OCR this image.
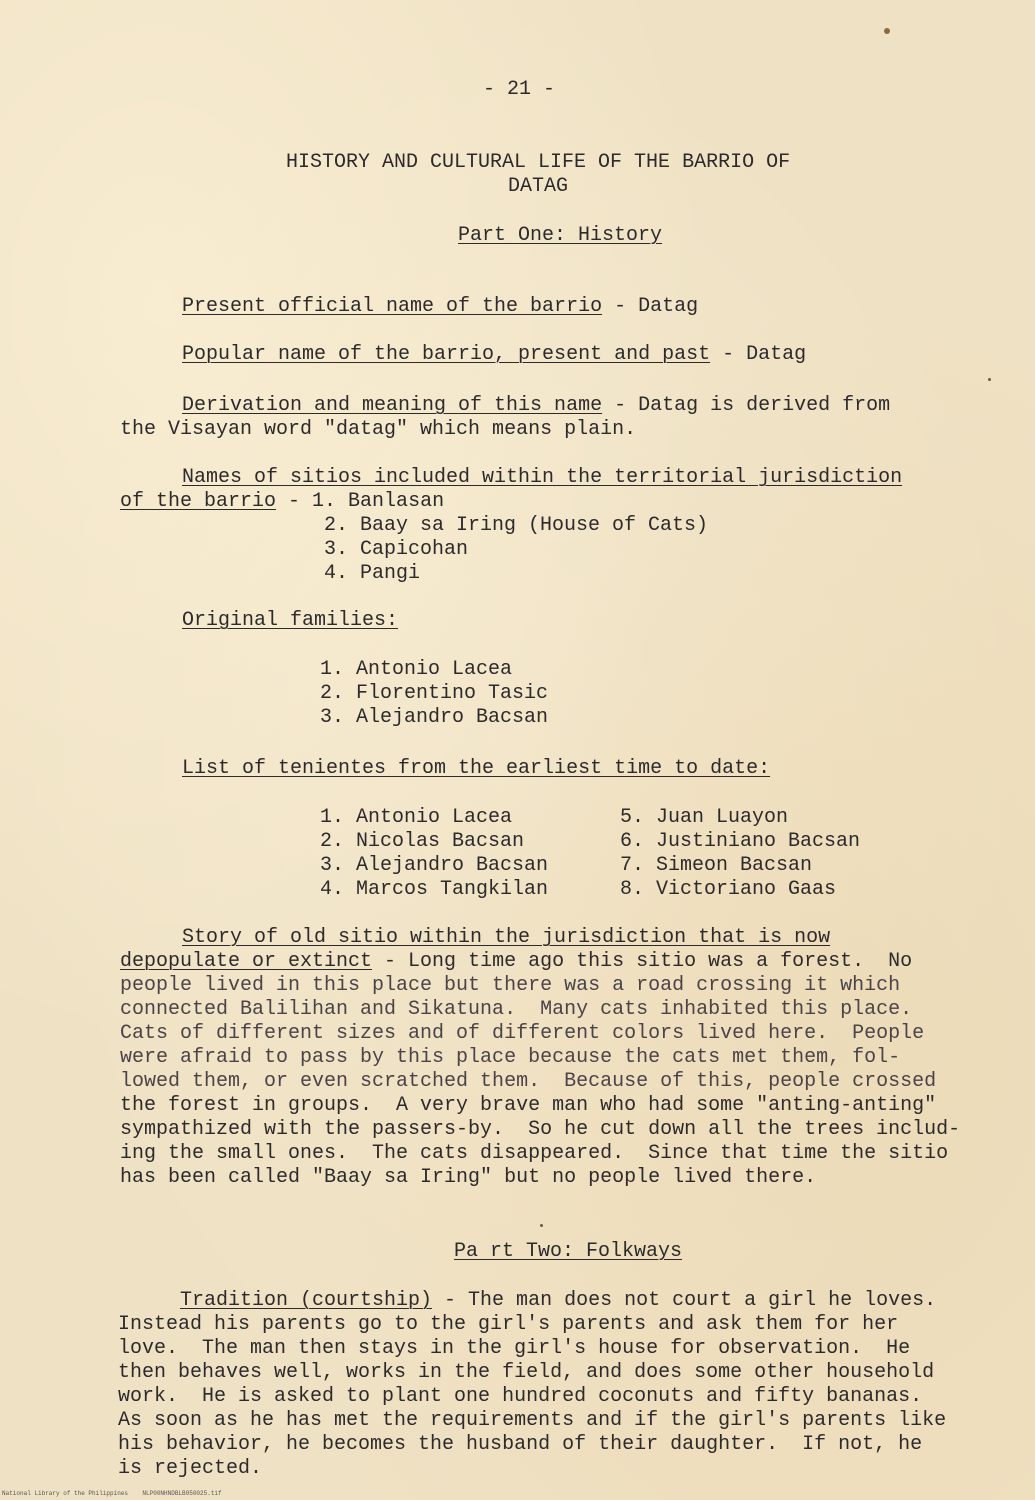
- 21 -

HISTORY AND CULTURAL LIFE OF THE BARRIO OF

DATAG

Part One: History

Present official name of the barrio - Datag

Popular name of the barrio, present and past - Datag

Derivation and meaning of this name - Datag is derived from

the Visayan word "datag" which means plain.

Names of sitios included within the territorial jurisdiction

of the barrio - 1. Banlasan

2. Baay sa Iring (House of Cats)

3. Capicohan

4. Pangi

Original families:

1. Antonio Lacea

2. Florentino Tasic

3. Alejandro Bacsan

List of tenientes from the earliest time to date:

1. Antonio Lacea

2. Nicolas Bacsan

3. Alejandro Bacsan

4. Marcos Tangkilan

5. Juan Luayon

6. Justiniano Bacsan

7. Simeon Bacsan

8. Victoriano Gaas

Story of old sitio within the jurisdiction that is now

depopulate or extinct - Long time ago this sitio was a forest.  No

people lived in this place but there was a road crossing it which

connected Balilihan and Sikatuna.  Many cats inhabited this place.

Cats of different sizes and of different colors lived here.  People

were afraid to pass by this place because the cats met them, fol-

lowed them, or even scratched them.  Because of this, people crossed

the forest in groups.  A very brave man who had some "anting-anting"

sympathized with the passers-by.  So he cut down all the trees includ-

ing the small ones.  The cats disappeared.  Since that time the sitio

has been called "Baay sa Iring" but no people lived there.

Pa rt Two: Folkways

Tradition (courtship) - The man does not court a girl he loves.

Instead his parents go to the girl's parents and ask them for her

love.  The man then stays in the girl's house for observation.  He

then behaves well, works in the field, and does some other household

work.  He is asked to plant one hundred coconuts and fifty bananas.

As soon as he has met the requirements and if the girl's parents like

his behavior, he becomes the husband of their daughter.  If not, he

is rejected.

National Library of the Philippines    NLP00NHNDBLB050025.tif
